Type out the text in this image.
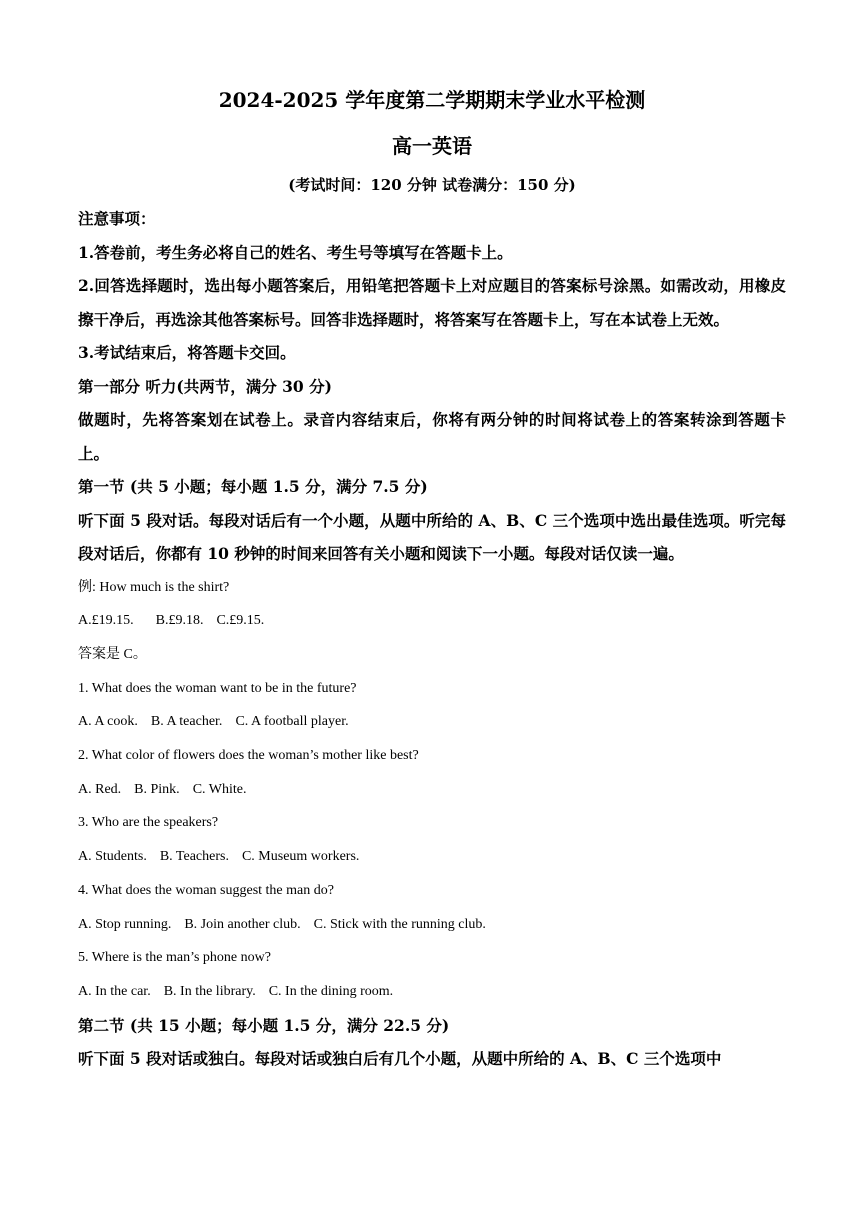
2024-2025 学年度第二学期期末学业水平检测

高一英语

(考试时间：120 分钟 试卷满分：150 分)

注意事项：

1.答卷前，考生务必将自己的姓名、考生号等填写在答题卡上。

2.回答选择题时，选出每小题答案后，用铅笔把答题卡上对应题目的答案标号涂黑。如需改动，用橡皮擦干净后，再选涂其他答案标号。回答非选择题时，将答案写在答题卡上，写在本试卷上无效。

3.考试结束后，将答题卡交回。

第一部分 听力(共两节，满分 30 分)

做题时，先将答案划在试卷上。录音内容结束后，你将有两分钟的时间将试卷上的答案转涂到答题卡上。

第一节 (共 5 小题；每小题 1.5 分，满分 7.5 分)

听下面 5 段对话。每段对话后有一个小题，从题中所给的 A、B、C 三个选项中选出最佳选项。听完每段对话后，你都有 10 秒钟的时间来回答有关小题和阅读下一小题。每段对话仅读一遍。

例: How much is the shirt?

A.£19.15. B.£9.18. C.£9.15.

答案是 C。

1. What does the woman want to be in the future?

A. A cook. B. A teacher. C. A football player.

2. What color of flowers does the woman’s mother like best?

A. Red. B. Pink. C. White.

3. Who are the speakers?

A. Students. B. Teachers. C. Museum workers.

4. What does the woman suggest the man do?

A. Stop running. B. Join another club. C. Stick with the running club.

5. Where is the man’s phone now?

A. In the car. B. In the library. C. In the dining room.

第二节 (共 15 小题；每小题 1.5 分，满分 22.5 分)

听下面 5 段对话或独白。每段对话或独白后有几个小题，从题中所给的 A、B、C 三个选项中
